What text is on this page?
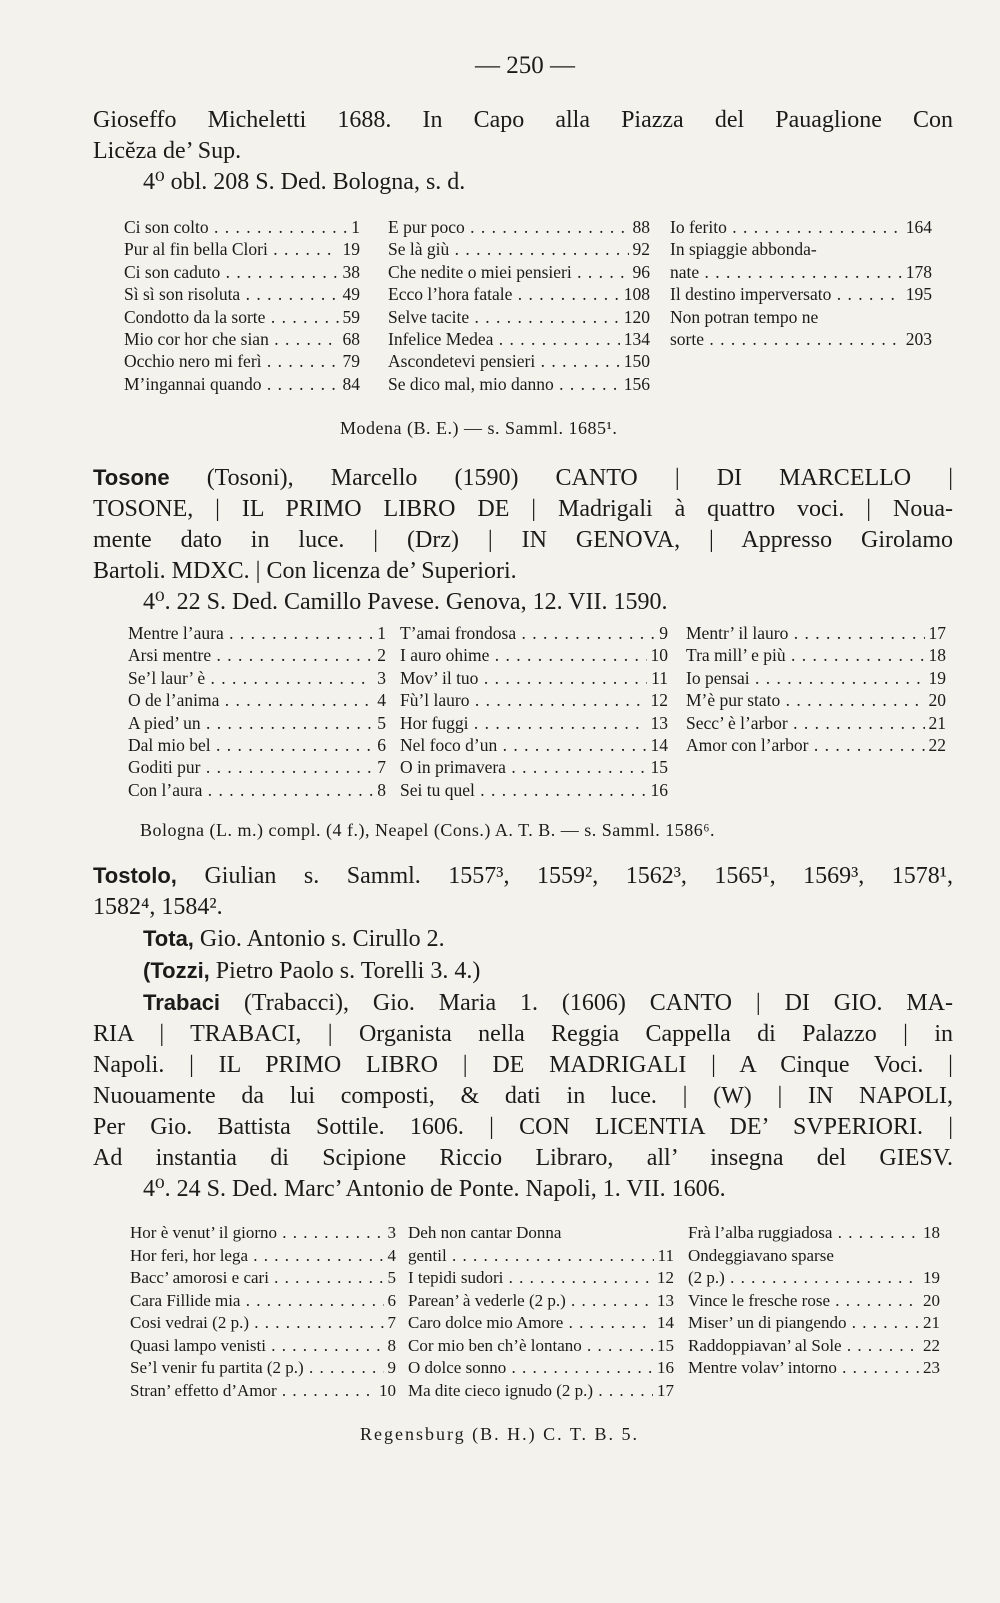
— 250 —
Gioseffo Micheletti 1688. In Capo alla Piazza del Pauaglione Con
Licĕza de’ Sup.
4⁰ obl. 208 S. Ded. Bologna, s. d.
Ci son colto . . .	1
Pur al fin bella Clori . . .	19
Ci son caduto . . .	38
Sì sì son risoluta . . .	49
Condotto da la sorte . . .	59
Mio cor hor che sian . . .	68
Occhio nero mi ferì . . .	79
M’ingannai quando . . .	84
E pur poco . . .	88
Se là giù . . .	92
Che nedite o miei pensieri . . .	96
Ecco l’hora fatale . . .	108
Selve tacite . . .	120
Infelice Medea . . .	134
Ascondetevi pensieri . . .	150
Se dico mal, mio danno . . .	156
Io ferito . . .	164
In spiaggie abbonda-
nate . . .	178
Il destino imperversato . . .	195
Non potran tempo ne
sorte . . .	203
Modena (B. E.) — s. Samml. 1685¹.
Tosone (Tosoni), Marcello (1590) CANTO | DI MARCELLO |
TOSONE, | IL PRIMO LIBRO DE | Madrigali à quattro voci. | Noua-
mente dato in luce. | (Drz) | IN GENOVA, | Appresso Girolamo
Bartoli. MDXC. | Con licenza de’ Superiori.
4⁰. 22 S. Ded. Camillo Pavese. Genova, 12. VII. 1590.
Mentre l’aura . . .	1
Arsi mentre . . .	2
Se’l laur’ è . . .	3
O de l’anima . . .	4
A pied’ un . . .	5
Dal mio bel . . .	6
Goditi pur . . .	7
Con l’aura . . .	8
T’amai frondosa . . .	9
I auro ohime . . .	10
Mov’ il tuo . . .	11
Fù’l lauro . . .	12
Hor fuggi . . .	13
Nel foco d’un . . .	14
O in primavera . . .	15
Sei tu quel . . .	16
Mentr’ il lauro . . .	17
Tra mill’ e più . . .	18
Io pensai . . .	19
M’è pur stato . . .	20
Secc’ è l’arbor . . .	21
Amor con l’arbor . . .	22
Bologna (L. m.) compl. (4 f.), Neapel (Cons.) A. T. B. — s. Samml. 1586⁶.
Tostolo, Giulian s. Samml. 1557³, 1559², 1562³, 1565¹, 1569³, 1578¹,
1582⁴, 1584².
Tota, Gio. Antonio s. Cirullo 2.
(Tozzi, Pietro Paolo s. Torelli 3. 4.)
Trabaci (Trabacci), Gio. Maria 1. (1606) CANTO | DI GIO. MA-
RIA | TRABACI, | Organista nella Reggia Cappella di Palazzo | in
Napoli. | IL PRIMO LIBRO | DE MADRIGALI | A Cinque Voci. |
Nuouamente da lui composti, & dati in luce. | (W) | IN NAPOLI,
Per Gio. Battista Sottile. 1606. | CON LICENTIA DE’ SVPERIORI. |
Ad instantia di Scipione Riccio Libraro, all’ insegna del GIESV.
4⁰. 24 S. Ded. Marc’ Antonio de Ponte. Napoli, 1. VII. 1606.
Hor è venut’ il giorno . . .	3
Hor feri, hor lega . . .	4
Bacc’ amorosi e cari . . .	5
Cara Fillide mia . . .	6
Cosi vedrai (2 p.) . . .	7
Quasi lampo venisti . . .	8
Se’l venir fu partita (2 p.) . . .	9
Stran’ effetto d’Amor . . .	10
Deh non cantar Donna
gentil . . .	11
I tepidi sudori . . .	12
Parean’ à vederle (2 p.) . . .	13
Caro dolce mio Amore . . .	14
Cor mio ben ch’è lontano . . .	15
O dolce sonno . . .	16
Ma dite cieco ignudo (2 p.) . . .	17
Frà l’alba ruggiadosa . . .	18
Ondeggiavano sparse
(2 p.) . . .	19
Vince le fresche rose . . .	20
Miser’ un di piangendo . . .	21
Raddoppiavan’ al Sole . . .	22
Mentre volav’ intorno . . .	23
Regensburg (B. H.) C. T. B. 5.
